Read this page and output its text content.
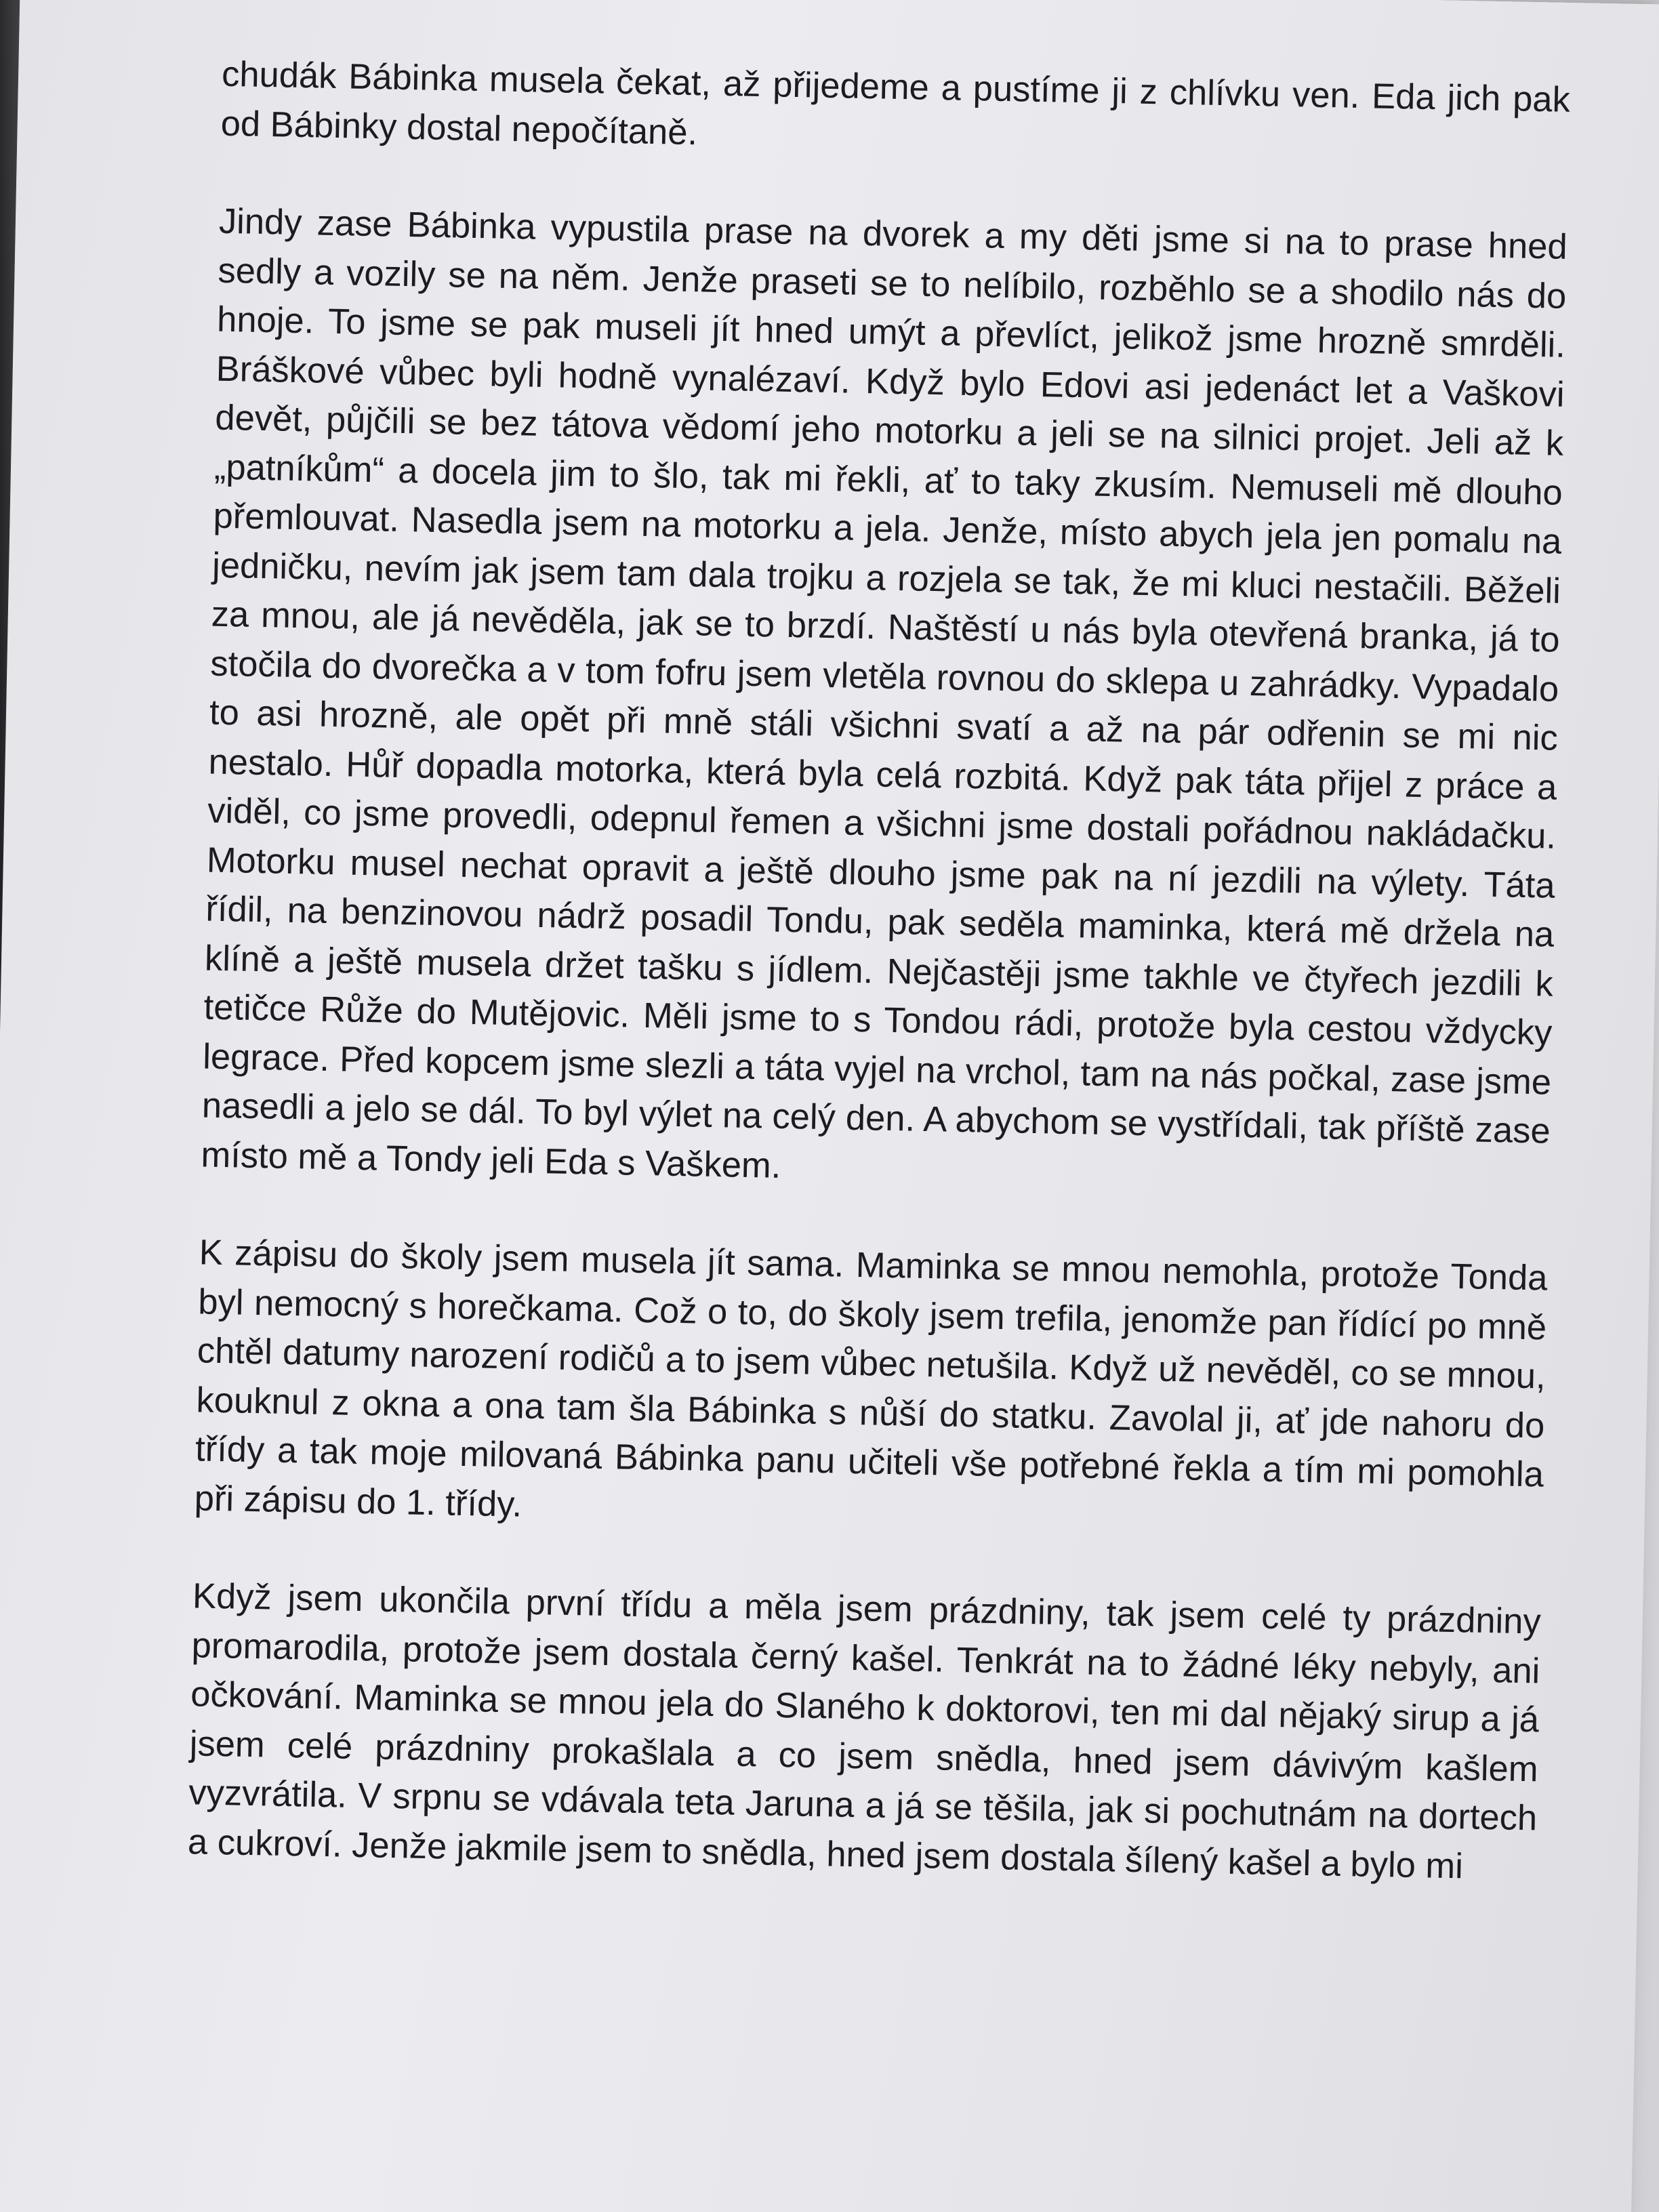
chudák Bábinka musela čekat, až přijedeme a pustíme ji z chlívku ven. Eda jich pak od Bábinky dostal nepočítaně.

Jindy zase Bábinka vypustila prase na dvorek a my děti jsme si na to prase hned sedly a vozily se na něm. Jenže praseti se to nelíbilo, rozběhlo se a shodilo nás do hnoje. To jsme se pak museli jít hned umýt a převlíct, jelikož jsme hrozně smrděli. Bráškové vůbec byli hodně vynalézaví. Když bylo Edovi asi jedenáct let a Vaškovi devět, půjčili se bez tátova vědomí jeho motorku a jeli se na silnici projet. Jeli až k „patníkům“ a docela jim to šlo, tak mi řekli, ať to taky zkusím. Nemuseli mě dlouho přemlouvat. Nasedla jsem na motorku a jela. Jenže, místo abych jela jen pomalu na jedničku, nevím jak jsem tam dala trojku a rozjela se tak, že mi kluci nestačili. Běželi za mnou, ale já nevěděla, jak se to brzdí. Naštěstí u nás byla otevřená branka, já to stočila do dvorečka a v tom fofru jsem vletěla rovnou do sklepa u zahrádky. Vypadalo to asi hrozně, ale opět při mně stáli všichni svatí a až na pár odřenin se mi nic nestalo. Hůř dopadla motorka, která byla celá rozbitá. Když pak táta přijel z práce a viděl, co jsme provedli, odepnul řemen a všichni jsme dostali pořádnou nakládačku. Motorku musel nechat opravit a ještě dlouho jsme pak na ní jezdili na výlety. Táta řídil, na benzinovou nádrž posadil Tondu, pak seděla maminka, která mě držela na klíně a ještě musela držet tašku s jídlem. Nejčastěji jsme takhle ve čtyřech jezdili k tetičce Růže do Mutějovic. Měli jsme to s Tondou rádi, protože byla cestou vždycky legrace. Před kopcem jsme slezli a táta vyjel na vrchol, tam na nás počkal, zase jsme nasedli a jelo se dál. To byl výlet na celý den. A abychom se vystřídali, tak příště zase místo mě a Tondy jeli Eda s Vaškem.

K zápisu do školy jsem musela jít sama. Maminka se mnou nemohla, protože Tonda byl nemocný s horečkama. Což o to, do školy jsem trefila, jenomže pan řídící po mně chtěl datumy narození rodičů a to jsem vůbec netušila. Když už nevěděl, co se mnou, kouknul z okna a ona tam šla Bábinka s nůší do statku. Zavolal ji, ať jde nahoru do třídy a tak moje milovaná Bábinka panu učiteli vše potřebné řekla a tím mi pomohla při zápisu do 1. třídy.

Když jsem ukončila první třídu a měla jsem prázdniny, tak jsem celé ty prázdniny promarodila, protože jsem dostala černý kašel. Tenkrát na to žádné léky nebyly, ani očkování. Maminka se mnou jela do Slaného k doktorovi, ten mi dal nějaký sirup a já jsem celé prázdniny prokašlala a co jsem snědla, hned jsem dávivým kašlem vyzvrátila. V srpnu se vdávala teta Jaruna a já se těšila, jak si pochutnám na dortech a cukroví. Jenže jakmile jsem to snědla, hned jsem dostala šílený kašel a bylo mi
